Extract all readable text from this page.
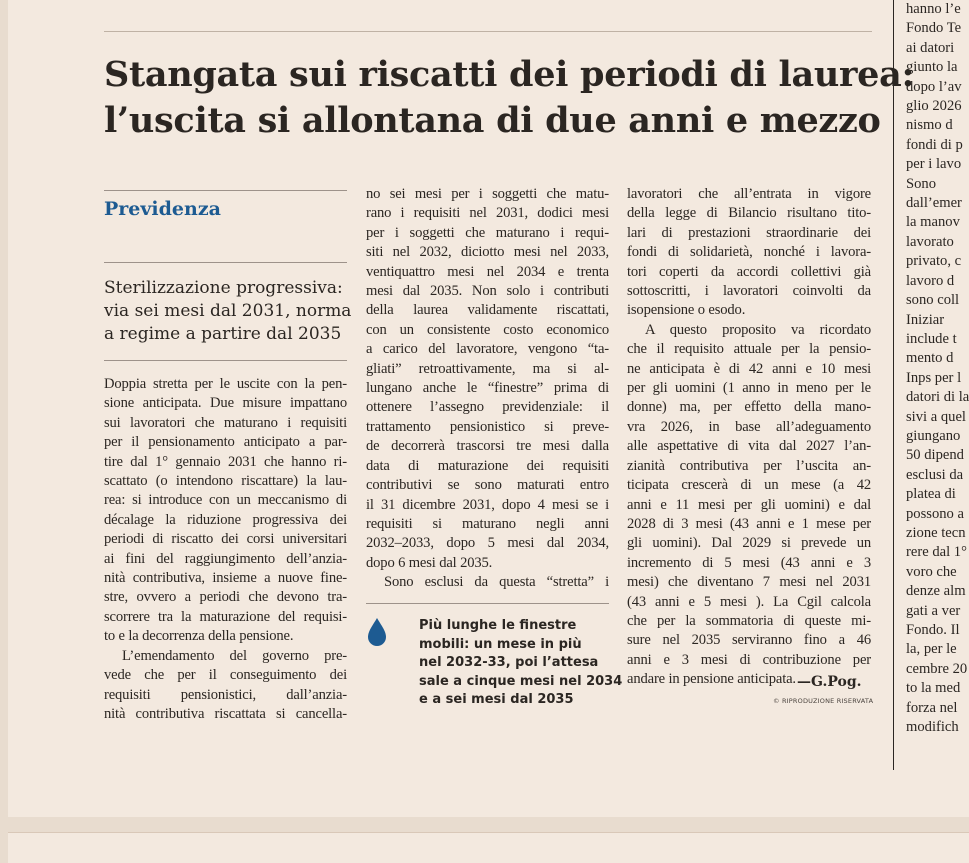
Stangata sui riscatti dei periodi di laurea:
l’uscita si allontana di due anni e mezzo
Previdenza
Sterilizzazione progressiva:
via sei mesi dal 2031, norma
a regime a partire dal 2035
Doppia stretta per le uscite con la pen-
sione anticipata. Due misure impattano
sui lavoratori che maturano i requisiti
per il pensionamento anticipato a par-
tire dal 1° gennaio 2031 che hanno ri-
scattato (o intendono riscattare) la lau-
rea: si introduce con un meccanismo di
décalage la riduzione progressiva dei
periodi di riscatto dei corsi universitari
ai fini del raggiungimento dell’anzia-
nità contributiva, insieme a nuove fine-
stre, ovvero a periodi che devono tra-
scorrere tra la maturazione del requisi-
to e la decorrenza della pensione.
L’emendamento del governo pre-
vede che per il conseguimento dei
requisiti pensionistici, dall’anzia-
nità contributiva riscattata si cancella-
no sei mesi per i soggetti che matu-
rano i requisiti nel 2031, dodici mesi
per i soggetti che maturano i requi-
siti nel 2032, diciotto mesi nel 2033,
ventiquattro mesi nel 2034 e trenta
mesi dal 2035. Non solo i contributi
della laurea validamente riscattati,
con un consistente costo economico
a carico del lavoratore, vengono “ta-
gliati” retroattivamente, ma si al-
lungano anche le “finestre” prima di
ottenere l’assegno previdenziale: il
trattamento pensionistico si preve-
de decorrerà trascorsi tre mesi dalla
data di maturazione dei requisiti
contributivi se sono maturati entro
il 31 dicembre 2031, dopo 4 mesi se i
requisiti si maturano negli anni
2032–2033, dopo 5 mesi dal 2034,
dopo 6 mesi dal 2035.
Sono esclusi da questa “stretta” i
Più lunghe le finestre
mobili: un mese in più
nel 2032-33, poi l’attesa
sale a cinque mesi nel 2034
e a sei mesi dal 2035
lavoratori che all’entrata in vigore
della legge di Bilancio risultano tito-
lari di prestazioni straordinarie dei
fondi di solidarietà, nonché i lavora-
tori coperti da accordi collettivi già
sottoscritti, i lavoratori coinvolti da
isopensione o esodo.
A questo proposito va ricordato
che il requisito attuale per la pensio-
ne anticipata è di 42 anni e 10 mesi
per gli uomini (1 anno in meno per le
donne) ma, per effetto della mano-
vra 2026, in base all’adeguamento
alle aspettative di vita dal 2027 l’an-
zianità contributiva per l’uscita an-
ticipata crescerà di un mese (a 42
anni e 11 mesi per gli uomini) e dal
2028 di 3 mesi (43 anni e 1 mese per
gli uomini). Dal 2029 si prevede un
incremento di 5 mesi (43 anni e 3
mesi) che diventano 7 mesi nel 2031
(43 anni e 5 mesi ). La Cgil calcola
che per la sommatoria di queste mi-
sure nel 2035 serviranno fino a 46
anni e 3 mesi di contribuzione per
andare in pensione anticipata. —G.Pog.
© RIPRODUZIONE RISERVATA
hanno l’e
Fondo Te
ai datori
giunto la
dopo l’av
glio 2026
nismo d
fondi di p
per i lavo
Sono
dall’emer
la manov
lavorato
privato, c
lavoro d
sono coll
Iniziar
include t
mento d
Inps per l
datori di la
sivi a quel
giungano
50 dipend
esclusi da
platea di
possono a
zione tecn
rere dal 1°
voro che
denze alm
gati a ver
Fondo. Il
la, per le
cembre 20
to la med
forza nel
modifich
